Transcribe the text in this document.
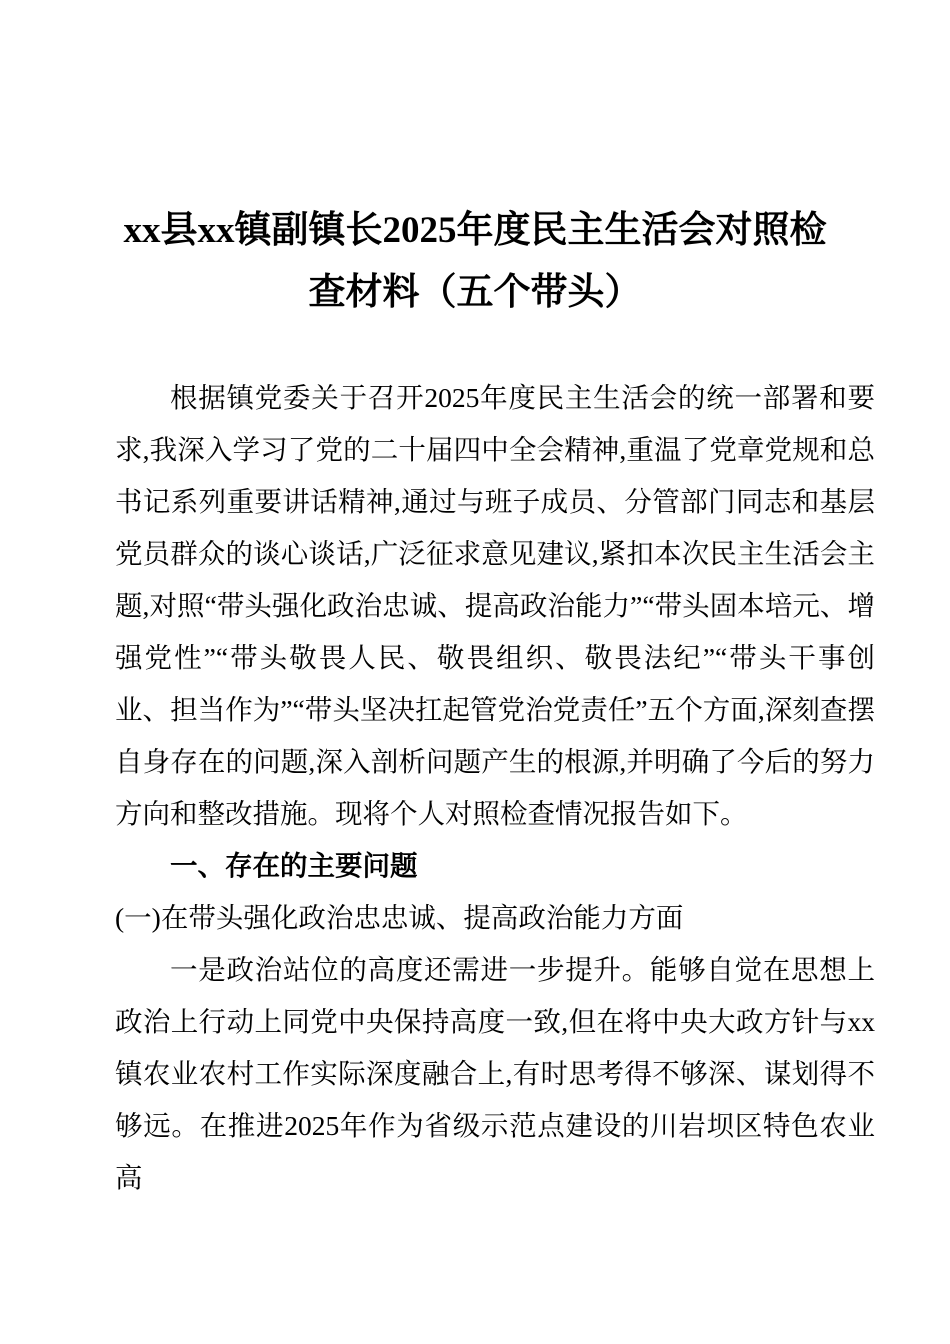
xx县xx镇副镇长2025年度民主生活会对照检查材料（五个带头）

根据镇党委关于召开2025年度民主生活会的统一部署和要求,我深入学习了党的二十届四中全会精神,重温了党章党规和总书记系列重要讲话精神,通过与班子成员、分管部门同志和基层党员群众的谈心谈话,广泛征求意见建议,紧扣本次民主生活会主题,对照“带头强化政治忠诚、提高政治能力”“带头固本培元、增强党性”“带头敬畏人民、敬畏组织、敬畏法纪”“带头干事创业、担当作为”“带头坚决扛起管党治党责任”五个方面,深刻查摆自身存在的问题,深入剖析问题产生的根源,并明确了今后的努力方向和整改措施。现将个人对照检查情况报告如下。

一、存在的主要问题
(一)在带头强化政治忠忠诚、提高政治能力方面

一是政治站位的高度还需进一步提升。能够自觉在思想上政治上行动上同党中央保持高度一致,但在将中央大政方针与xx镇农业农村工作实际深度融合上,有时思考得不够深、谋划得不够远。在推进2025年作为省级示范点建设的川岩坝区特色农业高
